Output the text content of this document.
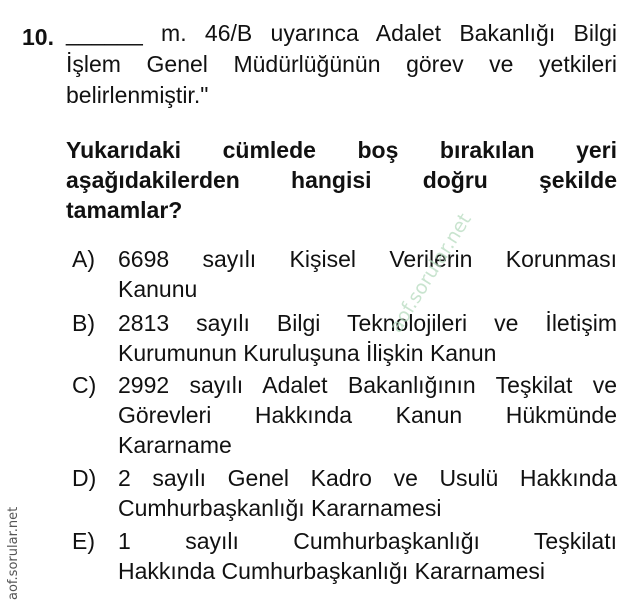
10. ______ m. 46/B uyarınca Adalet Bakanlığı Bilgi
İşlem Genel Müdürlüğünün görev ve yetkileri
belirlenmiştir."
Yukarıdaki cümlede boş bırakılan yeri
aşağıdakilerden hangisi doğru şekilde
tamamlar?
A) 6698 sayılı Kişisel Verilerin Korunması
Kanunu
B) 2813 sayılı Bilgi Teknolojileri ve İletişim
Kurumunun Kuruluşuna İlişkin Kanun
C) 2992 sayılı Adalet Bakanlığının Teşkilat ve
Görevleri Hakkında Kanun Hükmünde
Kararname
D) 2 sayılı Genel Kadro ve Usulü Hakkında
Cumhurbaşkanlığı Kararnamesi
E) 1 sayılı Cumhurbaşkanlığı Teşkilatı
Hakkında Cumhurbaşkanlığı Kararnamesi
aof.sorular.net
aof.sorular.net
